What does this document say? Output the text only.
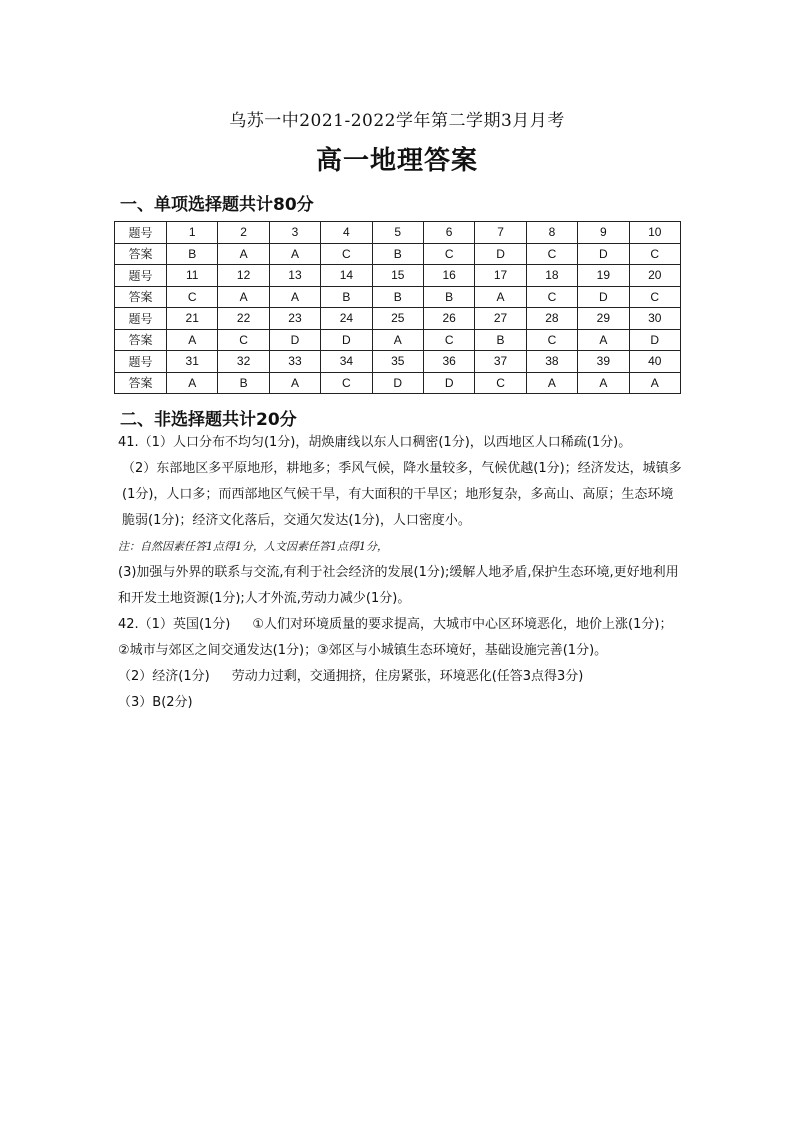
乌苏一中2021-2022学年第二学期3月月考
高一地理答案
一、单项选择题共计80分
题号	1	2	3	4	5	6	7	8	9	10
答案	B	A	A	C	B	C	D	C	D	C
题号	11	12	13	14	15	16	17	18	19	20
答案	C	A	A	B	B	B	A	C	D	C
题号	21	22	23	24	25	26	27	28	29	30
答案	A	C	D	D	A	C	B	C	A	D
题号	31	32	33	34	35	36	37	38	39	40
答案	A	B	A	C	D	D	C	A	A	A
二、非选择题共计20分
41.（1）人口分布不均匀(1分)，胡焕庸线以东人口稠密(1分)，以西地区人口稀疏(1分)。
（2）东部地区多平原地形，耕地多；季风气候，降水量较多，气候优越(1分)；经济发达，城镇多(1分)，人口多；而西部地区气候干旱，有大面积的干旱区；地形复杂，多高山、高原；生态环境脆弱(1分)；经济文化落后，交通欠发达(1分)，人口密度小。
注：自然因素任答1点得1分，人文因素任答1点得1分，
(3)加强与外界的联系与交流,有利于社会经济的发展(1分);缓解人地矛盾,保护生态环境,更好地利用和开发土地资源(1分);人才外流,劳动力减少(1分)。
42.（1）英国(1分) ①人们对环境质量的要求提高，大城市中心区环境恶化，地价上涨(1分)；②城市与郊区之间交通发达(1分)；③郊区与小城镇生态环境好，基础设施完善(1分)。
（2）经济(1分) 劳动力过剩，交通拥挤，住房紧张，环境恶化(任答3点得3分)
（3）B(2分)
